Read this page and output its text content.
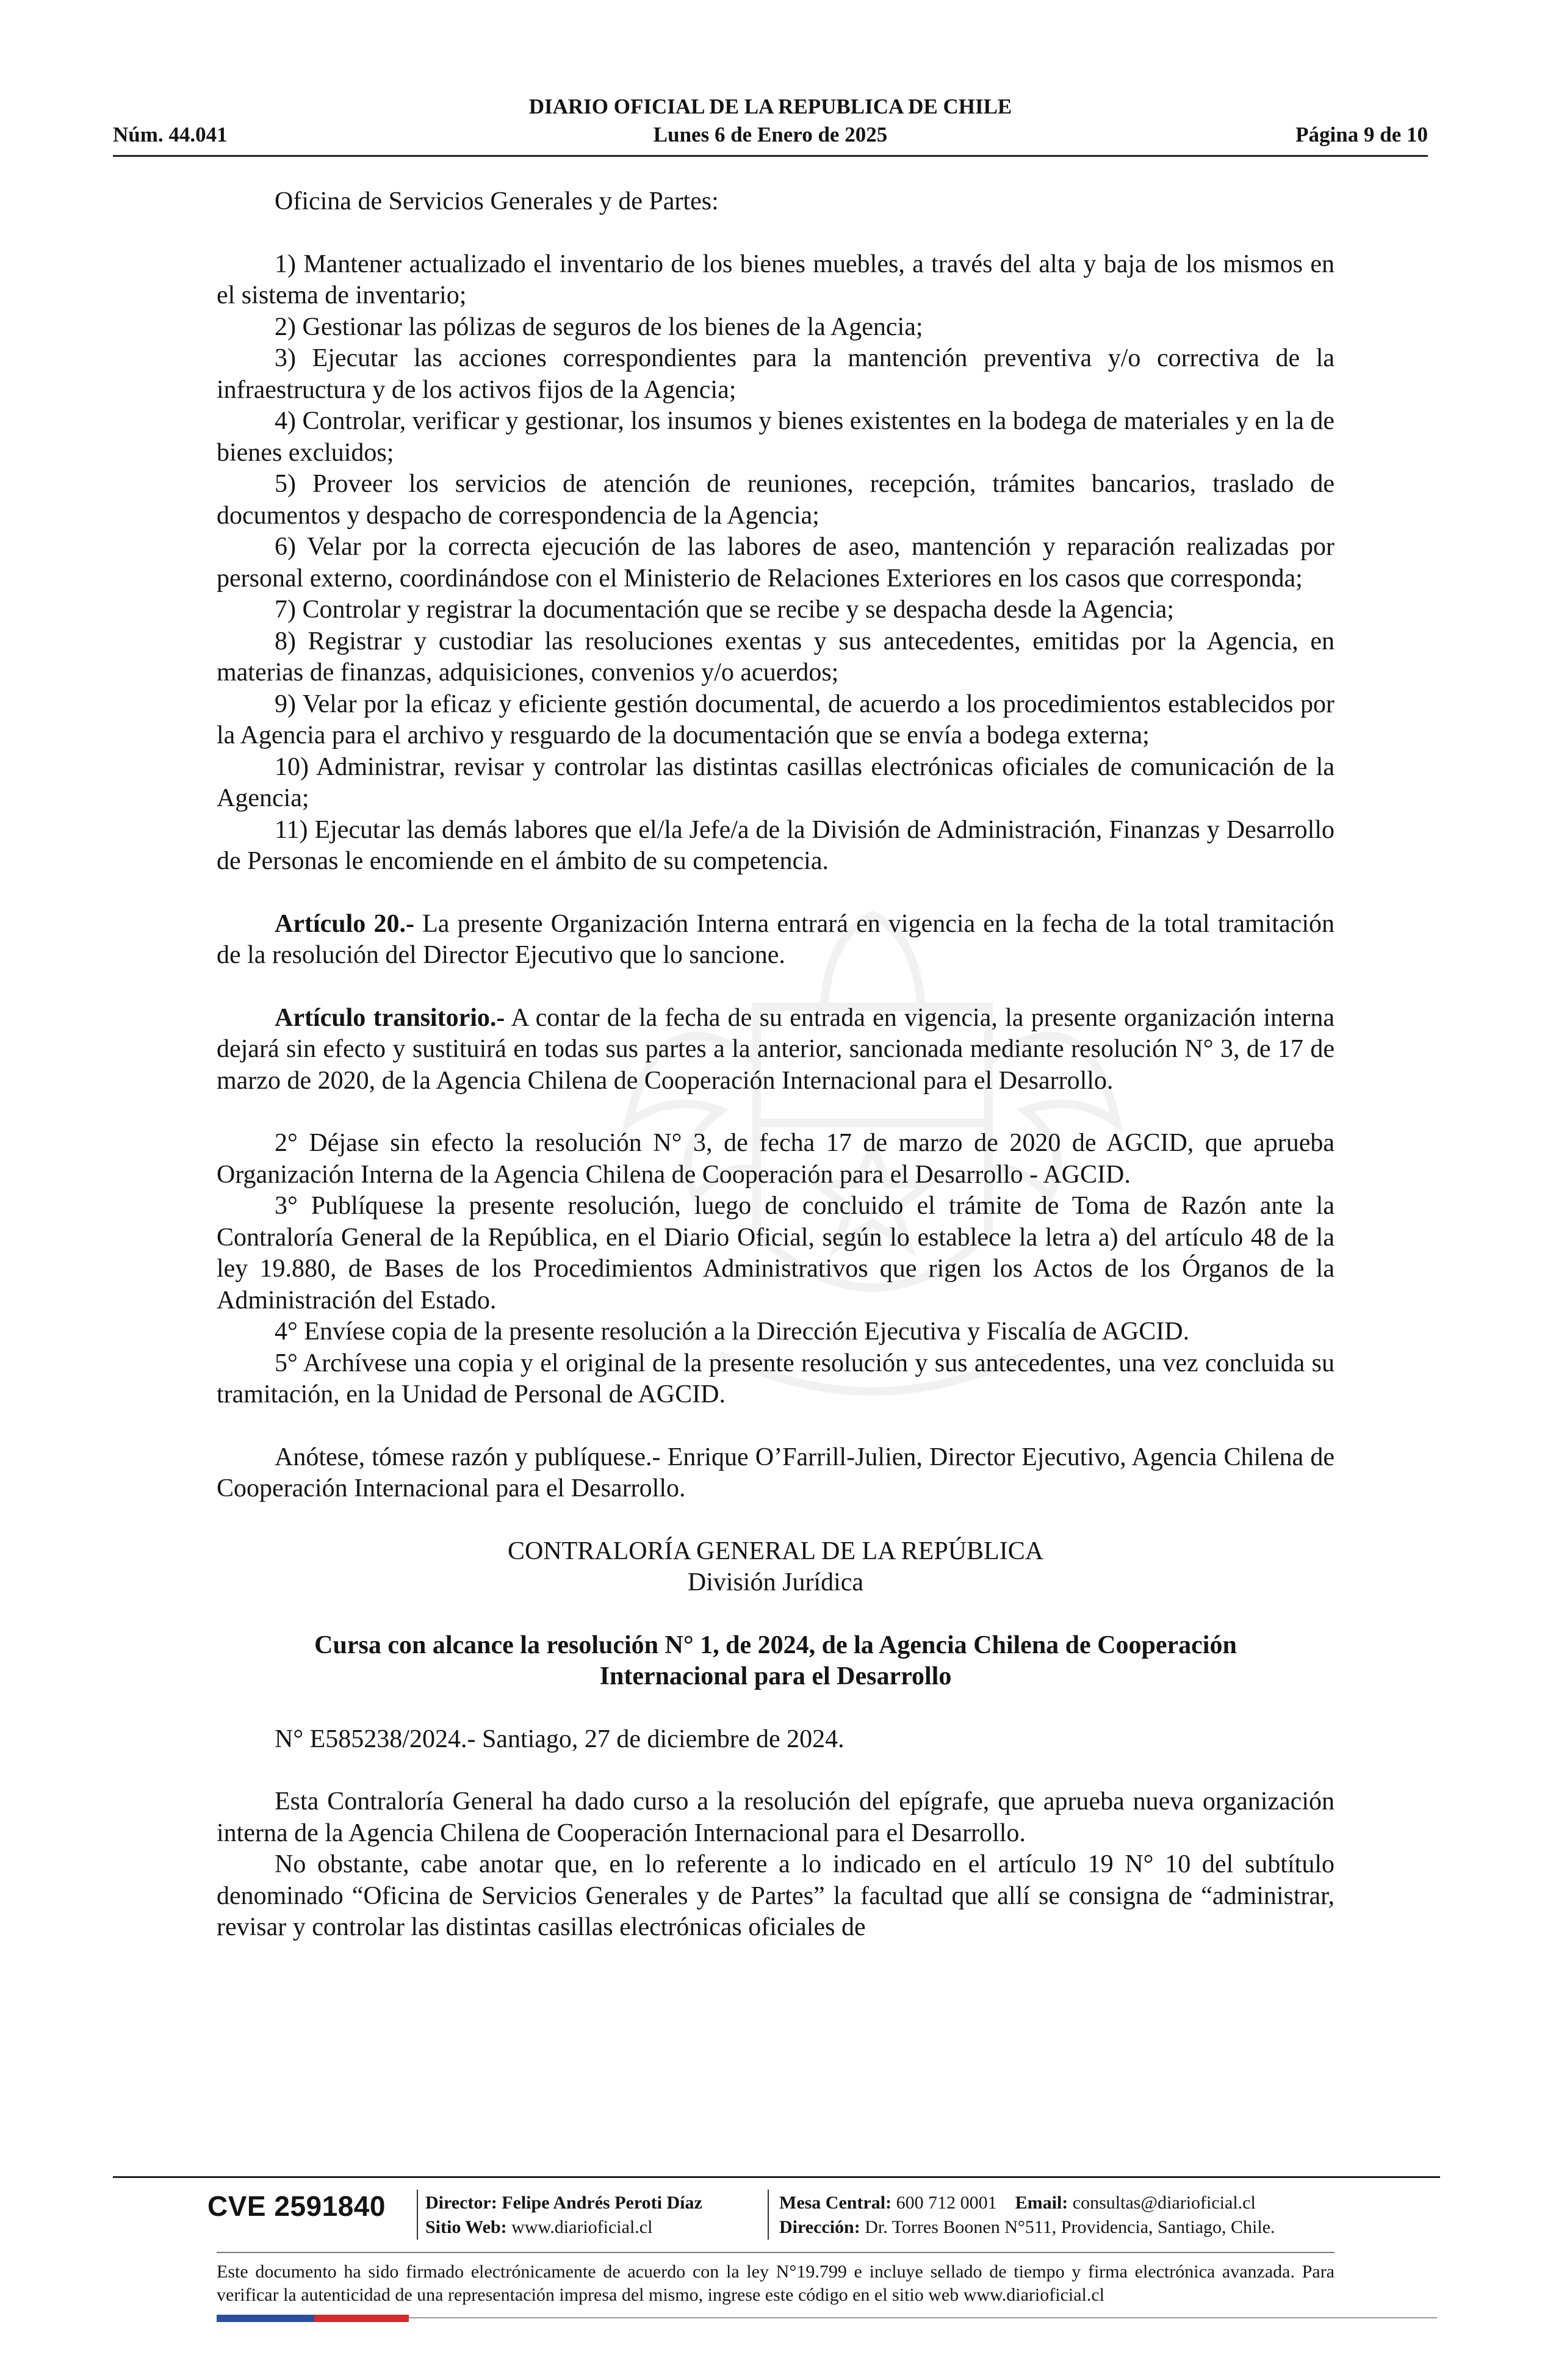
DIARIO OFICIAL DE LA REPUBLICA DE CHILE
Núm. 44.041	Lunes 6 de Enero de 2025	Página 9 de 10

Oficina de Servicios Generales y de Partes:

1) Mantener actualizado el inventario de los bienes muebles, a través del alta y baja de los mismos en el sistema de inventario;

2) Gestionar las pólizas de seguros de los bienes de la Agencia;

3) Ejecutar las acciones correspondientes para la mantención preventiva y/o correctiva de la infraestructura y de los activos fijos de la Agencia;

4) Controlar, verificar y gestionar, los insumos y bienes existentes en la bodega de materiales y en la de bienes excluidos;

5) Proveer los servicios de atención de reuniones, recepción, trámites bancarios, traslado de documentos y despacho de correspondencia de la Agencia;

6) Velar por la correcta ejecución de las labores de aseo, mantención y reparación realizadas por personal externo, coordinándose con el Ministerio de Relaciones Exteriores en los casos que corresponda;

7) Controlar y registrar la documentación que se recibe y se despacha desde la Agencia;

8) Registrar y custodiar las resoluciones exentas y sus antecedentes, emitidas por la Agencia, en materias de finanzas, adquisiciones, convenios y/o acuerdos;

9) Velar por la eficaz y eficiente gestión documental, de acuerdo a los procedimientos establecidos por la Agencia para el archivo y resguardo de la documentación que se envía a bodega externa;

10) Administrar, revisar y controlar las distintas casillas electrónicas oficiales de comunicación de la Agencia;

11) Ejecutar las demás labores que el/la Jefe/a de la División de Administración, Finanzas y Desarrollo de Personas le encomiende en el ámbito de su competencia.

Artículo 20.- La presente Organización Interna entrará en vigencia en la fecha de la total tramitación de la resolución del Director Ejecutivo que lo sancione.

Artículo transitorio.- A contar de la fecha de su entrada en vigencia, la presente organización interna dejará sin efecto y sustituirá en todas sus partes a la anterior, sancionada mediante resolución N° 3, de 17 de marzo de 2020, de la Agencia Chilena de Cooperación Internacional para el Desarrollo.

2° Déjase sin efecto la resolución N° 3, de fecha 17 de marzo de 2020 de AGCID, que aprueba Organización Interna de la Agencia Chilena de Cooperación para el Desarrollo - AGCID.

3° Publíquese la presente resolución, luego de concluido el trámite de Toma de Razón ante la Contraloría General de la República, en el Diario Oficial, según lo establece la letra a) del artículo 48 de la ley 19.880, de Bases de los Procedimientos Administrativos que rigen los Actos de los Órganos de la Administración del Estado.

4° Envíese copia de la presente resolución a la Dirección Ejecutiva y Fiscalía de AGCID.

5° Archívese una copia y el original de la presente resolución y sus antecedentes, una vez concluida su tramitación, en la Unidad de Personal de AGCID.

Anótese, tómese razón y publíquese.- Enrique O’Farrill-Julien, Director Ejecutivo, Agencia Chilena de Cooperación Internacional para el Desarrollo.

CONTRALORÍA GENERAL DE LA REPÚBLICA

División Jurídica

Cursa con alcance la resolución N° 1, de 2024, de la Agencia Chilena de Cooperación Internacional para el Desarrollo

N° E585238/2024.- Santiago, 27 de diciembre de 2024.

Esta Contraloría General ha dado curso a la resolución del epígrafe, que aprueba nueva organización interna de la Agencia Chilena de Cooperación Internacional para el Desarrollo.

No obstante, cabe anotar que, en lo referente a lo indicado en el artículo 19 N° 10 del subtítulo denominado “Oficina de Servicios Generales y de Partes” la facultad que allí se consigna de “administrar, revisar y controlar las distintas casillas electrónicas oficiales de

CVE 2591840 Director: Felipe Andrés Peroti Díaz
Sitio Web: www.diarioficial.cl
Mesa Central: 600 712 0001 Email: consultas@diarioficial.cl
Dirección: Dr. Torres Boonen N°511, Providencia, Santiago, Chile.
Este documento ha sido firmado electrónicamente de acuerdo con la ley N°19.799 e incluye sellado de tiempo y firma electrónica avanzada. Para verificar la autenticidad de una representación impresa del mismo, ingrese este código en el sitio web www.diarioficial.cl
